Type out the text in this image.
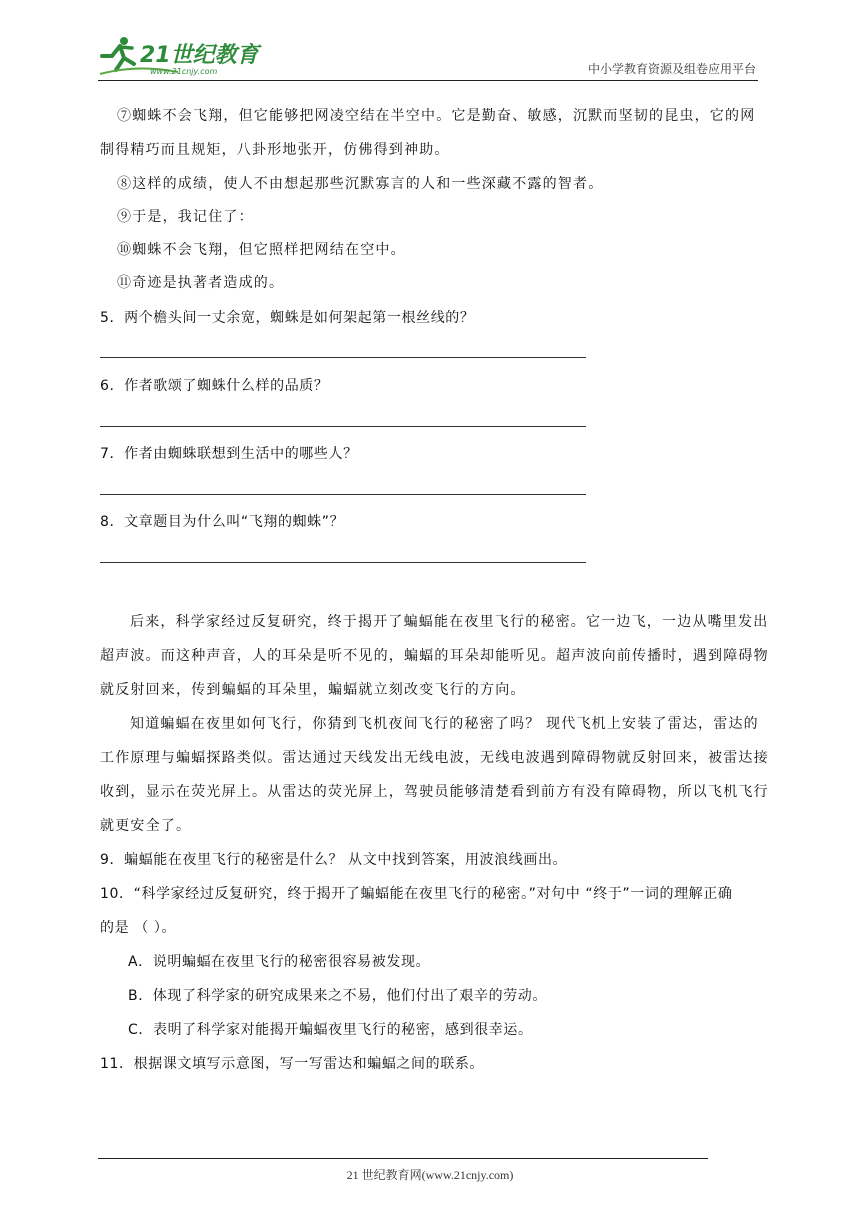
21世纪教育
www.21cnjy.com	中小学教育资源及组卷应用平台
⑦蜘蛛不会飞翔，但它能够把网凌空结在半空中。它是勤奋、敏感，沉默而坚韧的昆虫，它的网
制得精巧而且规矩，八卦形地张开，仿佛得到神助。
⑧这样的成绩，使人不由想起那些沉默寡言的人和一些深藏不露的智者。
⑨于是，我记住了：
⑩蜘蛛不会飞翔，但它照样把网结在空中。
⑪奇迹是执著者造成的。
5．两个檐头间一丈余宽，蜘蛛是如何架起第一根丝线的？
6．作者歌颂了蜘蛛什么样的品质？
7．作者由蜘蛛联想到生活中的哪些人？
8．文章题目为什么叫“飞翔的蜘蛛”？
后来，科学家经过反复研究，终于揭开了蝙蝠能在夜里飞行的秘密。它一边飞，一边从嘴里发出
超声波。而这种声音，人的耳朵是听不见的，蝙蝠的耳朵却能听见。超声波向前传播时，遇到障碍物
就反射回来，传到蝙蝠的耳朵里，蝙蝠就立刻改变飞行的方向。
知道蝙蝠在夜里如何飞行，你猜到飞机夜间飞行的秘密了吗？ 现代飞机上安装了雷达，雷达的
工作原理与蝙蝠探路类似。雷达通过天线发出无线电波，无线电波遇到障碍物就反射回来，被雷达接
收到，显示在荧光屏上。从雷达的荧光屏上，驾驶员能够清楚看到前方有没有障碍物，所以飞机飞行
就更安全了。
9．蝙蝠能在夜里飞行的秘密是什么？ 从文中找到答案，用波浪线画出。
10．“科学家经过反复研究，终于揭开了蝙蝠能在夜里飞行的秘密。”对句中 “终于”一词的理解正确
的是 （ ）。
A．说明蝙蝠在夜里飞行的秘密很容易被发现。
B．体现了科学家的研究成果来之不易，他们付出了艰辛的劳动。
C．表明了科学家对能揭开蝙蝠夜里飞行的秘密，感到很幸运。
11．根据课文填写示意图，写一写雷达和蝙蝠之间的联系。
21 世纪教育网(www.21cnjy.com)
